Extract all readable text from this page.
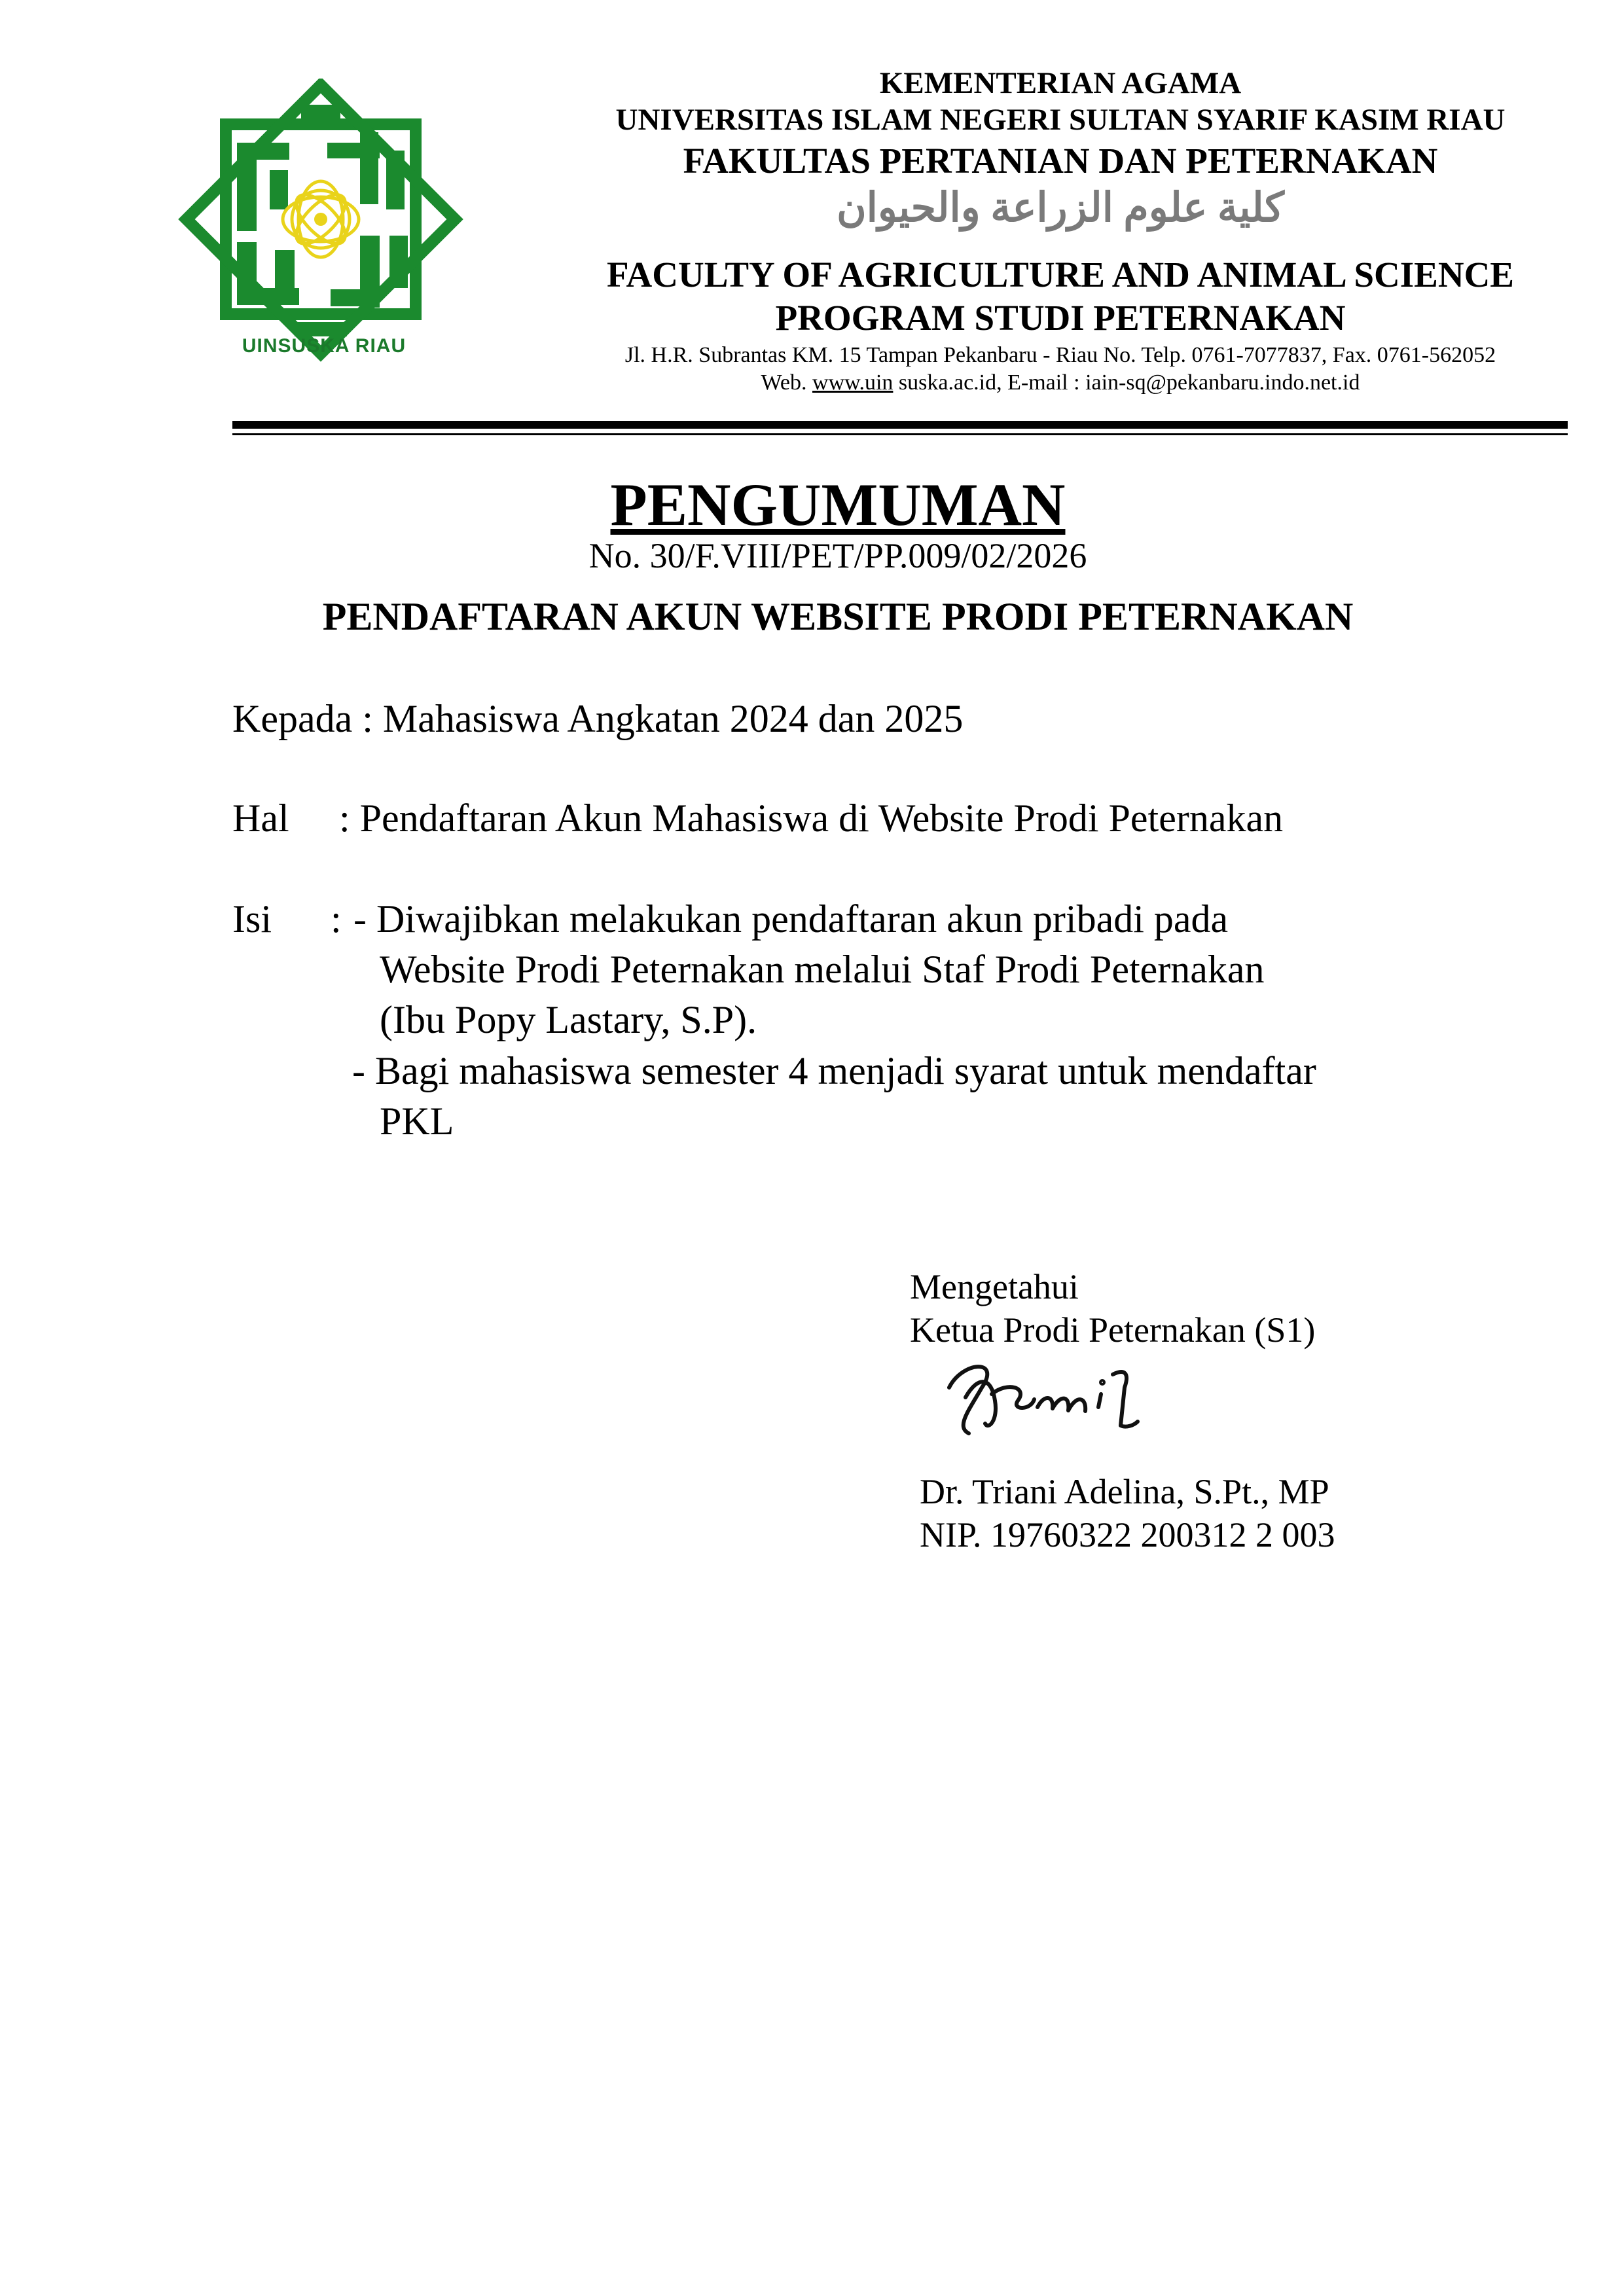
UINSUSKA RIAU
KEMENTERIAN AGAMA
UNIVERSITAS ISLAM NEGERI SULTAN SYARIF KASIM RIAU
FAKULTAS PERTANIAN DAN PETERNAKAN
كلية علوم الزراعة والحيوان
FACULTY OF AGRICULTURE AND ANIMAL SCIENCE
PROGRAM STUDI PETERNAKAN
Jl. H.R. Subrantas KM. 15 Tampan Pekanbaru - Riau No. Telp. 0761-7077837, Fax. 0761-562052
Web. www.uin suska.ac.id, E-mail : iain-sq@pekanbaru.indo.net.id
PENGUMUMAN
No. 30/F.VIII/PET/PP.009/02/2026
PENDAFTARAN AKUN WEBSITE PRODI PETERNAKAN
Kepada : Mahasiswa Angkatan 2024 dan 2025
Hal : Pendaftaran Akun Mahasiswa di Website Prodi Peternakan
Isi : - Diwajibkan melakukan pendaftaran akun pribadi pada
Website Prodi Peternakan melalui Staf Prodi Peternakan
(Ibu Popy Lastary, S.P).
- Bagi mahasiswa semester 4 menjadi syarat untuk mendaftar
PKL
Mengetahui
Ketua Prodi Peternakan (S1)
Dr. Triani Adelina, S.Pt., MP
NIP. 19760322 200312 2 003
